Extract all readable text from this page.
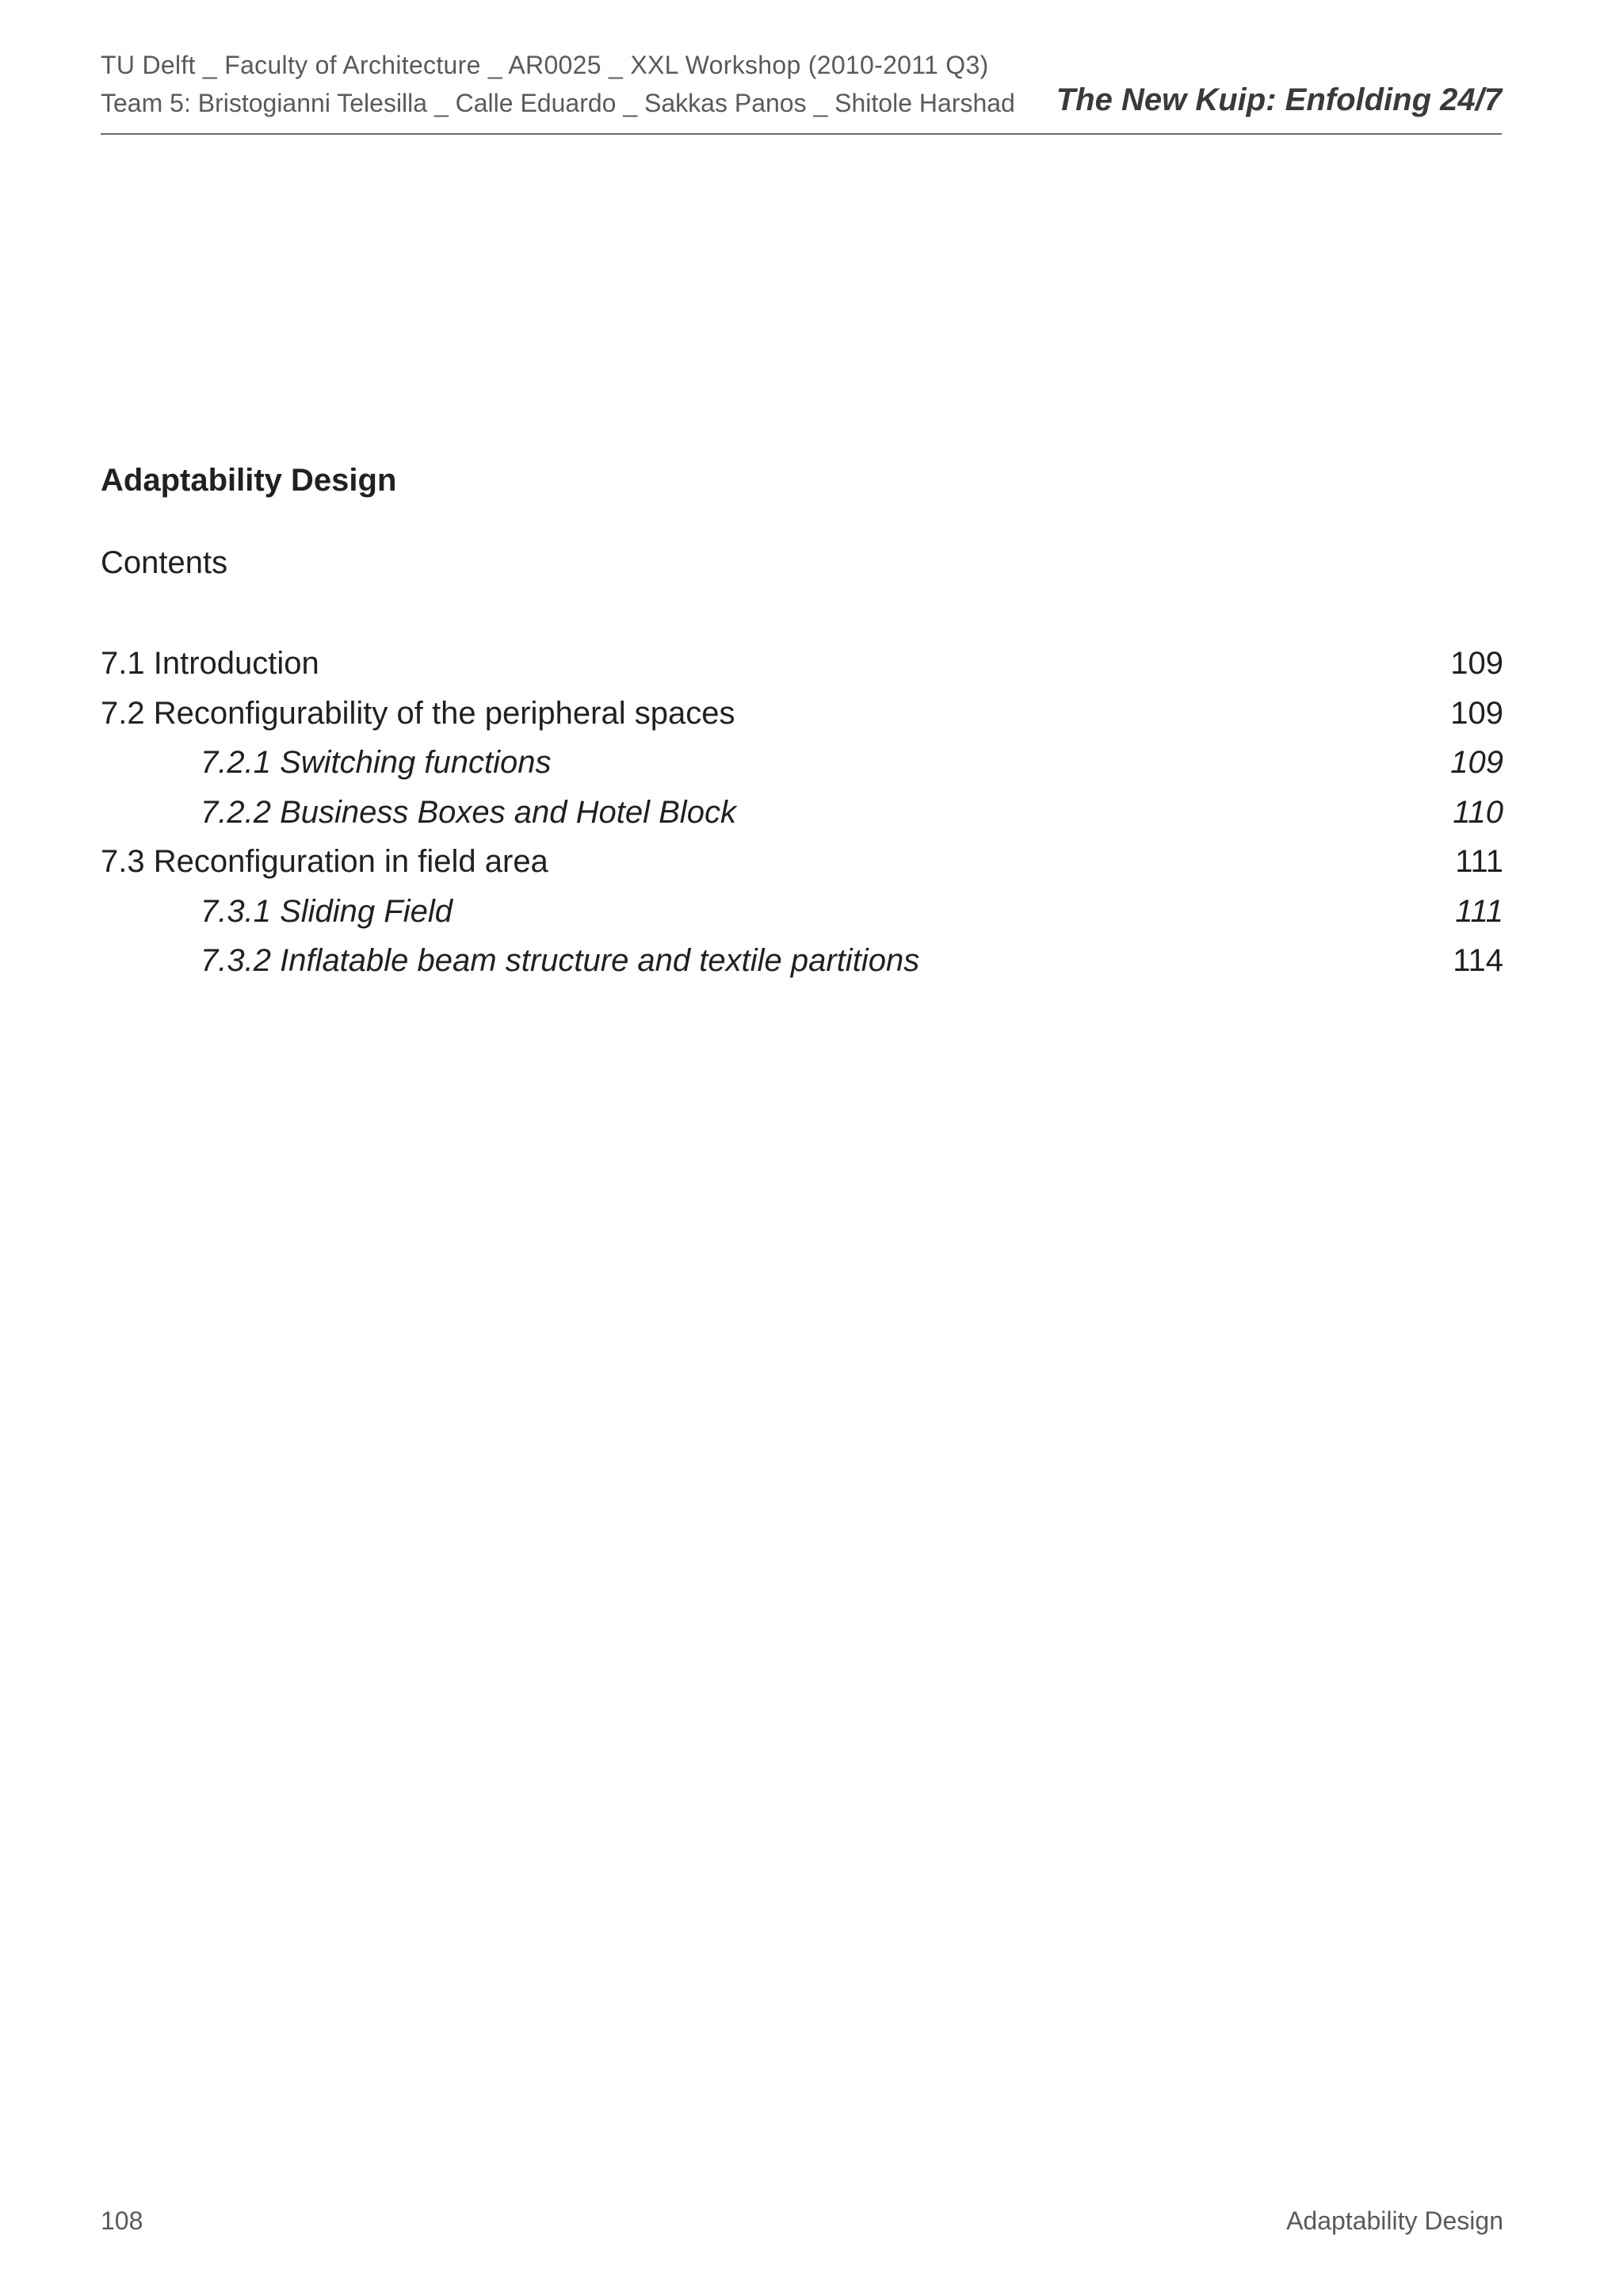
TU Delft _ Faculty of Architecture _ AR0025 _ XXL Workshop (2010-2011 Q3)
Team 5: Bristogianni Telesilla _ Calle Eduardo _ Sakkas Panos _ Shitole Harshad The New Kuip: Enfolding 24/7
Adaptability Design
Contents
7.1 Introduction	109
7.2 Reconfigurability of the peripheral spaces	109
7.2.1 Switching functions	109
7.2.2 Business Boxes and Hotel Block	110
7.3 Reconfiguration in field area	111
7.3.1 Sliding Field	111
7.3.2 Inflatable beam structure and textile partitions	114
108	Adaptability Design
